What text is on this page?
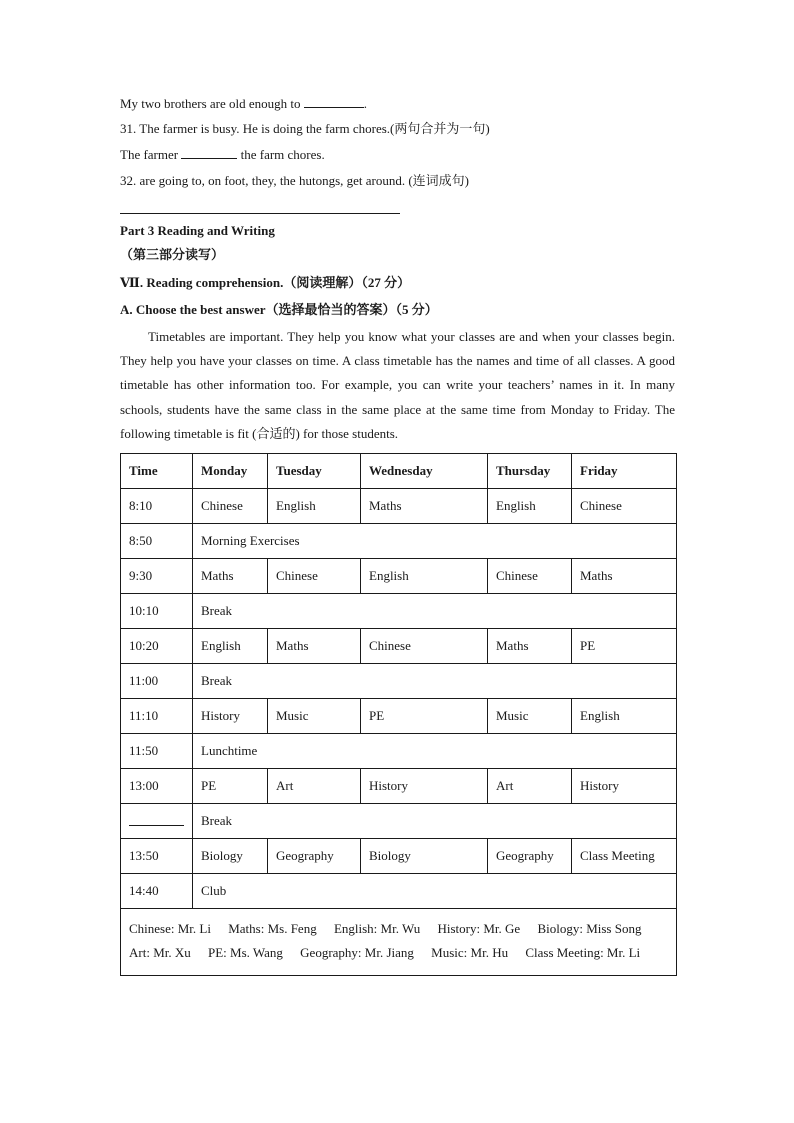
My two brothers are old enough to	.
31. The farmer is busy. He is doing the farm chores.(两句合并为一句)
The farmer	the farm chores.
32. are going to, on foot, they, the hutongs, get around. (连词成句)
Part 3 Reading and Writing
（第三部分读写）
Ⅶ. Reading comprehension.（阅读理解）（27 分）
A. Choose the best answer（选择最恰当的答案）（5 分）
Timetables are important. They help you know what your classes are and when your classes begin. They help you have your classes on time. A class timetable has the names and time of all classes. A good timetable has other information too. For example, you can write your teachers’ names in it. In many schools, students have the same class in the same place at the same time from Monday to Friday. The following timetable is fit (合适的) for those students.
Time	Monday	Tuesday	Wednesday	Thursday	Friday
8:10	Chinese	English	Maths	English	Chinese
8:50	Morning Exercises				
9:30	Maths	Chinese	English	Chinese	Maths
10:10	Break				
10:20	English	Maths	Chinese	Maths	PE
11:00	Break				
11:10	History	Music	PE	Music	English
11:50	Lunchtime				
13:00	PE	Art	History	Art	History
	Break				
13:50	Biology	Geography	Biology	Geography	Class Meeting
14:40	Club				

Chinese: Mr. Li Maths: Ms. Feng English: Mr. Wu History: Mr. Ge Biology: Miss Song
Art: Mr. Xu PE: Ms. Wang Geography: Mr. Jiang Music: Mr. Hu Class Meeting: Mr. Li					
